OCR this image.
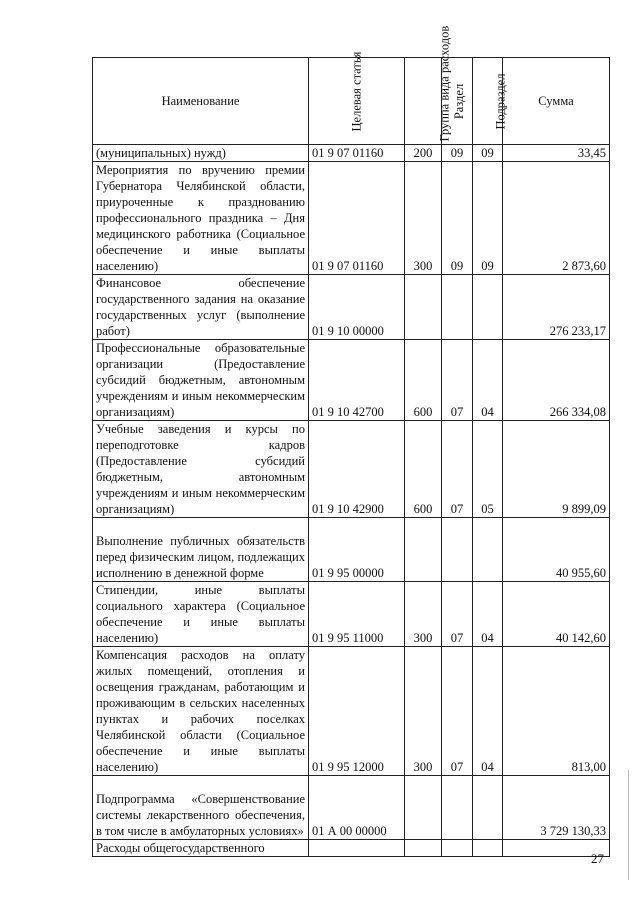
Наименование	Целевая статья	Группа вида расходов	Раздел	Подраздел	Сумма
(муниципальных) нужд)	01 9 07 01160	200	09	09	33,45
Мероприятия по вручению премии Губернатора Челябинской области, приуроченные к празднованию профессионального праздника – Дня медицинского работника (Социальное обеспечение и иные выплаты населению)	01 9 07 01160	300	09	09	2 873,60
Финансовое обеспечение государственного задания на оказание государственных услуг (выполнение работ)	01 9 10 00000				276 233,17
Профессиональные образовательные организации (Предоставление субсидий бюджетным, автономным учреждениям и иным некоммерческим организациям)	01 9 10 42700	600	07	04	266 334,08
Учебные заведения и курсы по переподготовке кадров (Предоставление субсидий бюджетным, автономным учреждениям и иным некоммерческим организациям)	01 9 10 42900	600	07	05	9 899,09
Выполнение публичных обязательств перед физическим лицом, подлежащих исполнению в денежной форме	01 9 95 00000				40 955,60
Стипендии, иные выплаты социального характера (Социальное обеспечение и иные выплаты населению)	01 9 95 11000	300	07	04	40 142,60
Компенсация расходов на оплату жилых помещений, отопления и освещения гражданам, работающим и проживающим в сельских населенных пунктах и рабочих поселках Челябинской области (Социальное обеспечение и иные выплаты населению)	01 9 95 12000	300	07	04	813,00
Подпрограмма «Совершенствование системы лекарственного обеспечения, в том числе в амбулаторных условиях»	01 А 00 00000				3 729 130,33
Расходы общегосударственного					
27
